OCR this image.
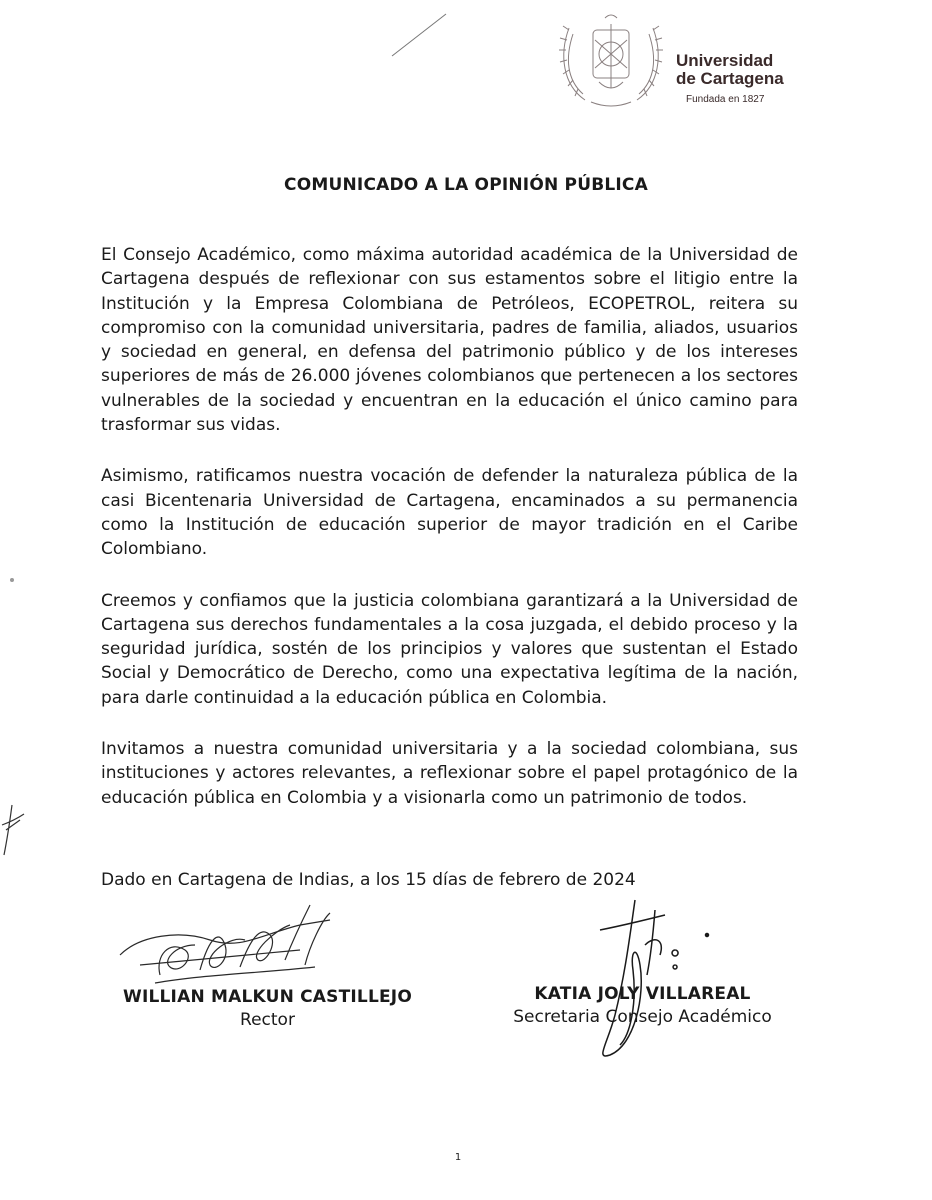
Universidad
de Cartagena
Fundada en 1827
COMUNICADO A LA OPINIÓN PÚBLICA

El Consejo Académico, como máxima autoridad académica de la Universidad de Cartagena después de reflexionar con sus estamentos sobre el litigio entre la Institución y la Empresa Colombiana de Petróleos, ECOPETROL, reitera su compromiso con la comunidad universitaria, padres de familia, aliados, usuarios y sociedad en general, en defensa del patrimonio público y de los intereses superiores de más de 26.000 jóvenes colombianos que pertenecen a los sectores vulnerables de la sociedad y encuentran en la educación el único camino para trasformar sus vidas.

Asimismo, ratificamos nuestra vocación de defender la naturaleza pública de la casi Bicentenaria Universidad de Cartagena, encaminados a su permanencia como la Institución de educación superior de mayor tradición en el Caribe Colombiano.

Creemos y confiamos que la justicia colombiana garantizará a la Universidad de Cartagena sus derechos fundamentales a la cosa juzgada, el debido proceso y la seguridad jurídica, sostén de los principios y valores que sustentan el Estado Social y Democrático de Derecho, como una expectativa legítima de la nación, para darle continuidad a la educación pública en Colombia.

Invitamos a nuestra comunidad universitaria y a la sociedad colombiana, sus instituciones y actores relevantes, a reflexionar sobre el papel protagónico de la educación pública en Colombia y a visionarla como un patrimonio de todos.

Dado en Cartagena de Indias, a los 15 días de febrero de 2024
WILLIAN MALKUN CASTILLEJO
Rector
KATIA JOLY VILLAREAL
Secretaria Consejo Académico
1
